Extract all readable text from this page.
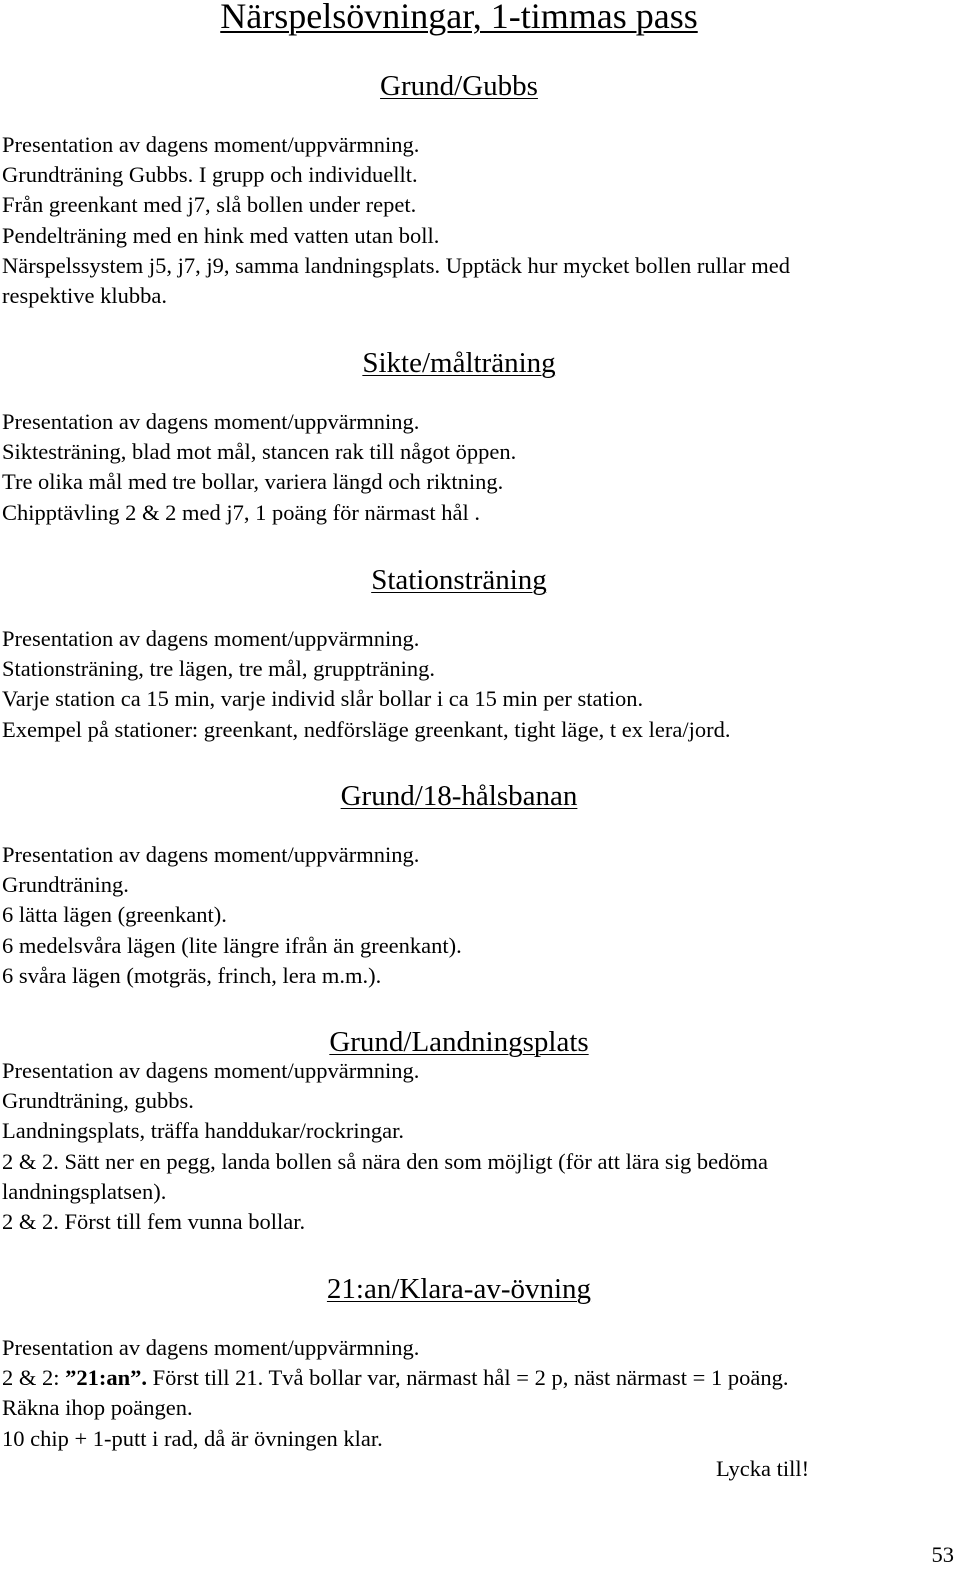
Närspelsövningar, 1-timmas pass
Grund/Gubbs
Presentation av dagens moment/uppvärmning.
Grundträning Gubbs. I grupp och individuellt.
Från greenkant med j7, slå bollen under repet.
Pendelträning med en hink med vatten utan boll.
Närspelssystem j5, j7, j9, samma landningsplats. Upptäck hur mycket bollen rullar med
respektive klubba.
Sikte/målträning
Presentation av dagens moment/uppvärmning.
Siktesträning, blad mot mål, stancen rak till något öppen.
Tre olika mål med tre bollar, variera längd och riktning.
Chipptävling 2 & 2 med j7, 1 poäng för närmast hål .
Stationsträning
Presentation av dagens moment/uppvärmning.
Stationsträning, tre lägen, tre mål, gruppträning.
Varje station ca 15 min, varje individ slår bollar i ca 15 min per station.
Exempel på stationer: greenkant, nedförsläge greenkant, tight läge, t ex lera/jord.
Grund/18-hålsbanan
Presentation av dagens moment/uppvärmning.
Grundträning.
6 lätta lägen (greenkant).
6 medelsvåra lägen (lite längre ifrån än greenkant).
6 svåra lägen (motgräs, frinch, lera m.m.).
Grund/Landningsplats
Presentation av dagens moment/uppvärmning.
Grundträning, gubbs.
Landningsplats, träffa handdukar/rockringar.
2 & 2. Sätt ner en pegg, landa bollen så nära den som möjligt (för att lära sig bedöma
landningsplatsen).
2 & 2. Först till fem vunna bollar.
21:an/Klara-av-övning
Presentation av dagens moment/uppvärmning.
2 & 2: ”21:an”. Först till 21. Två bollar var, närmast hål = 2 p, näst närmast = 1 poäng.
Räkna ihop poängen.
10 chip + 1-putt i rad, då är övningen klar.
Lycka till!
53
